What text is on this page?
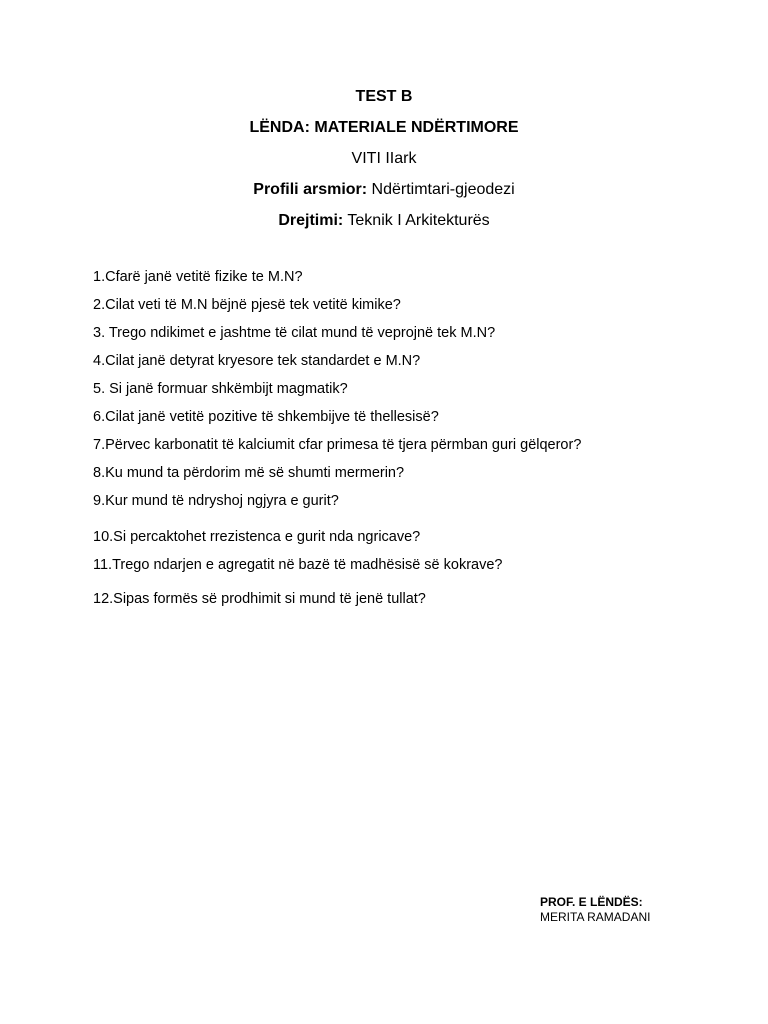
TEST B
LËNDA: MATERIALE NDËRTIMORE
VITI IIark
Profili arsmior: Ndërtimtari-gjeodezi
Drejtimi: Teknik I Arkitekturës
1.Cfarë janë vetitë fizike te M.N?
2.Cilat veti të M.N bëjnë pjesë tek vetitë kimike?
3. Trego ndikimet e jashtme të cilat mund të veprojnë tek M.N?
4.Cilat janë detyrat kryesore tek standardet e M.N?
5. Si janë formuar shkëmbijt magmatik?
6.Cilat janë vetitë pozitive të shkembijve të thellesisë?
7.Përvec karbonatit të kalciumit cfar primesa të tjera përmban guri gëlqeror?
8.Ku mund ta përdorim më së shumti mermerin?
9.Kur mund të ndryshoj ngjyra e gurit?
10.Si percaktohet rrezistenca e gurit nda ngricave?
11.Trego ndarjen e agregatit në bazë të madhësisë së kokrave?
12.Sipas formës së prodhimit si mund të jenë tullat?
PROF. E LËNDËS:
MERITA RAMADANI
